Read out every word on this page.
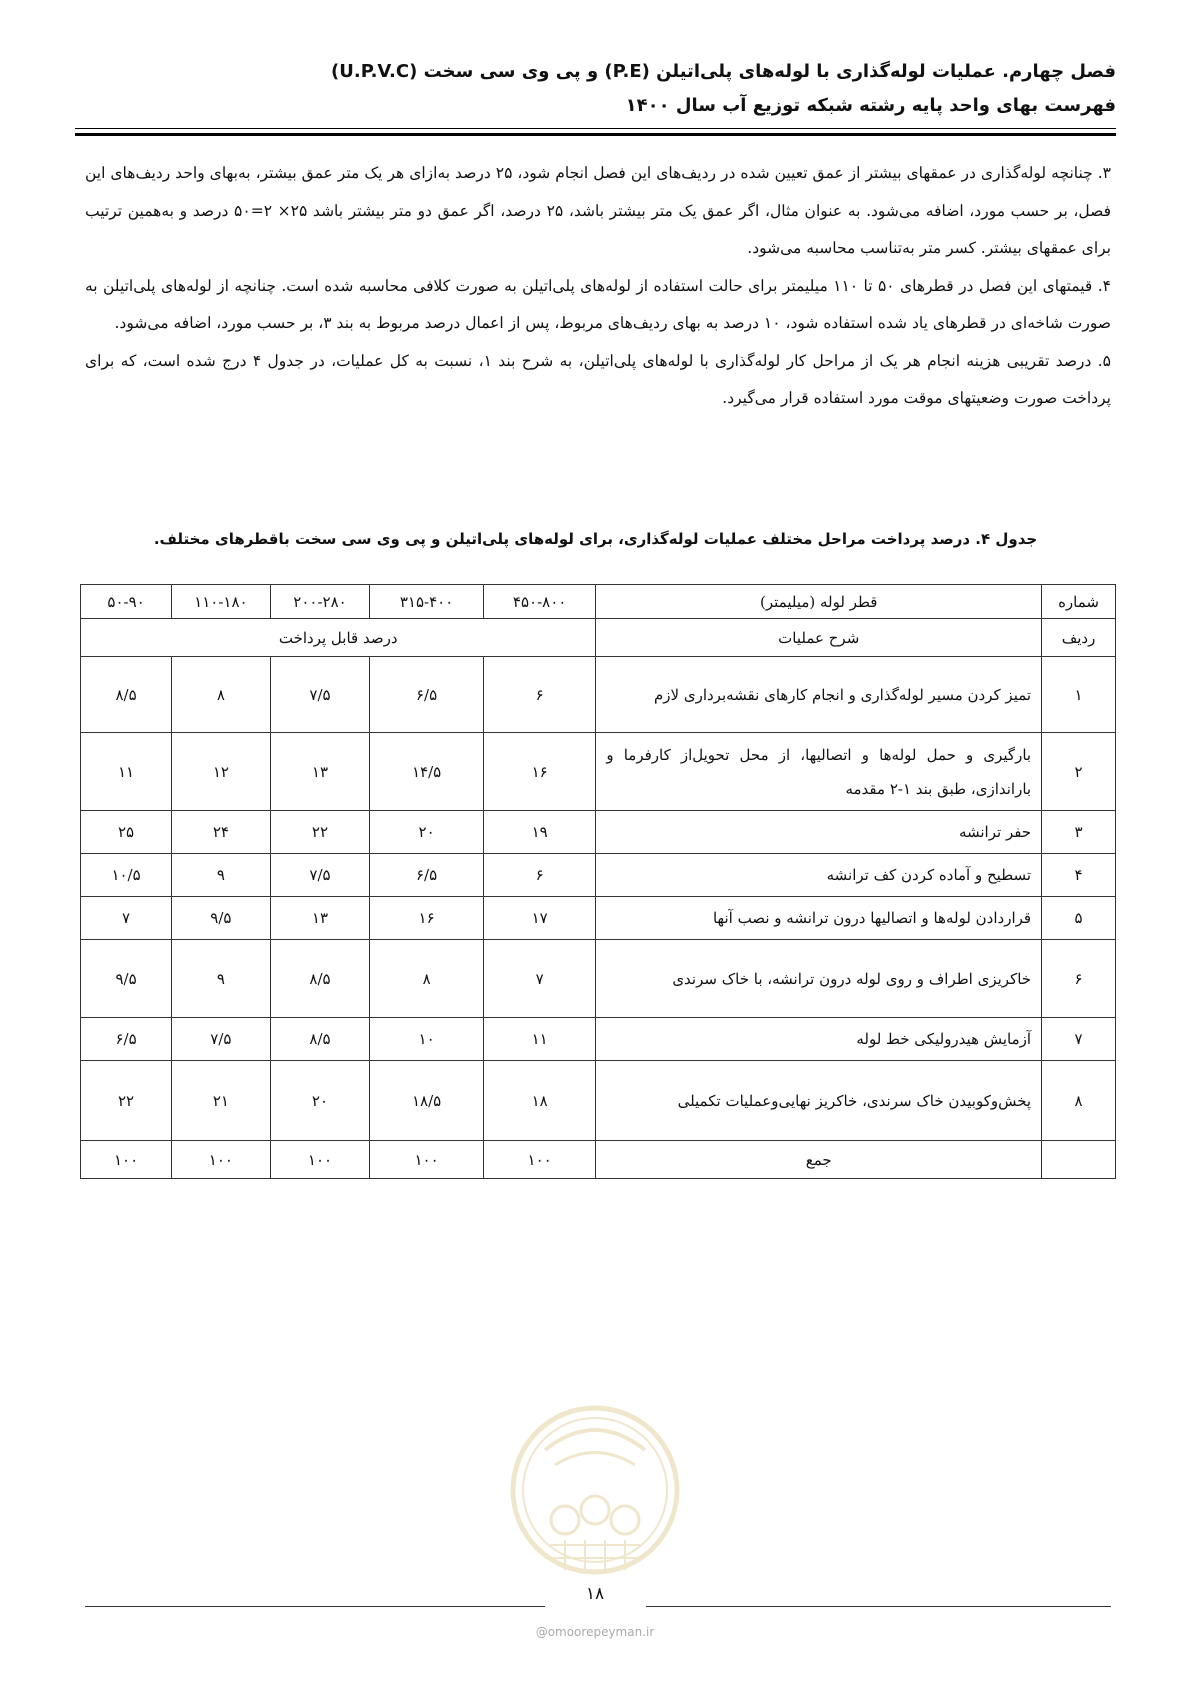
فصل چهارم. عملیات لوله‌گذاری با لوله‌های پلی‌اتیلن (P.E) و پی وی سی سخت (U.P.V.C)
فهرست بهای واحد پایه رشته شبکه توزیع آب سال ۱۴۰۰

۳. چنانچه لوله‌گذاری در عمقهای بیشتر از عمق تعیین شده در ردیف‌های این فصل انجام شود، ۲۵ درصد به‌ازای هر یک متر عمق بیشتر، به‌بهای واحد ردیف‌های این فصل، بر حسب مورد، اضافه می‌شود. به عنوان مثال، اگر عمق یک متر بیشتر باشد، ۲۵ درصد، اگر عمق دو متر بیشتر باشد ۲۵× ۲=۵۰ درصد و به‌همین ترتیب برای عمقهای بیشتر. کسر متر به‌تناسب محاسبه می‌شود.

۴. قیمتهای این فصل در قطرهای ۵۰ تا ۱۱۰ میلیمتر برای حالت استفاده از لوله‌های پلی‌اتیلن به صورت کلافی محاسبه شده است. چنانچه از لوله‌های پلی‌اتیلن به صورت شاخه‌ای در قطرهای یاد شده استفاده شود، ۱۰ درصد به بهای ردیف‌های مربوط، پس از اعمال درصد مربوط به بند ۳، بر حسب مورد، اضافه می‌شود.

۵. درصد تقریبی هزینه انجام هر یک از مراحل کار لوله‌گذاری با لوله‌های پلی‌اتیلن، به شرح بند ۱، نسبت به کل عملیات، در جدول ۴ درج شده است، که برای پرداخت صورت وضعیتهای موقت مورد استفاده قرار می‌گیرد.

جدول ۴. درصد پرداخت مراحل مختلف عملیات لوله‌گذاری، برای لوله‌های پلی‌اتیلن و پی وی سی سخت باقطرهای مختلف.
شماره	قطر لوله (میلیمتر)	۴۵۰-۸۰۰	۳۱۵-۴۰۰	۲۰۰-۲۸۰	۱۱۰-۱۸۰	۵۰-۹۰
ردیف	شرح عملیات	درصد قابل پرداخت				
۱	تمیز کردن مسیر لوله‌گذاری و انجام کارهای نقشه‌برداری لازم	۶	۶/۵	۷/۵	۸	۸/۵
۲	بارگیری و حمل لوله‌ها و اتصالیها، از محل تحویل‌از کارفرما و باراندازی، طبق بند ۱-۲ مقدمه	۱۶	۱۴/۵	۱۳	۱۲	۱۱
۳	حفر ترانشه	۱۹	۲۰	۲۲	۲۴	۲۵
۴	تسطیح و آماده کردن کف ترانشه	۶	۶/۵	۷/۵	۹	۱۰/۵
۵	قراردادن لوله‌ها و اتصالیها درون ترانشه و نصب آنها	۱۷	۱۶	۱۳	۹/۵	۷
۶	خاکریزی اطراف و روی لوله درون ترانشه، با خاک سرندی	۷	۸	۸/۵	۹	۹/۵
۷	آزمایش هیدرولیکی خط لوله	۱۱	۱۰	۸/۵	۷/۵	۶/۵
۸	پخش‌وکوبیدن خاک سرندی، خاکریز نهایی‌وعملیات تکمیلی	۱۸	۱۸/۵	۲۰	۲۱	۲۲
	جمع	۱۰۰	۱۰۰	۱۰۰	۱۰۰	۱۰۰
۱۸
@omoorepeyman.ir
